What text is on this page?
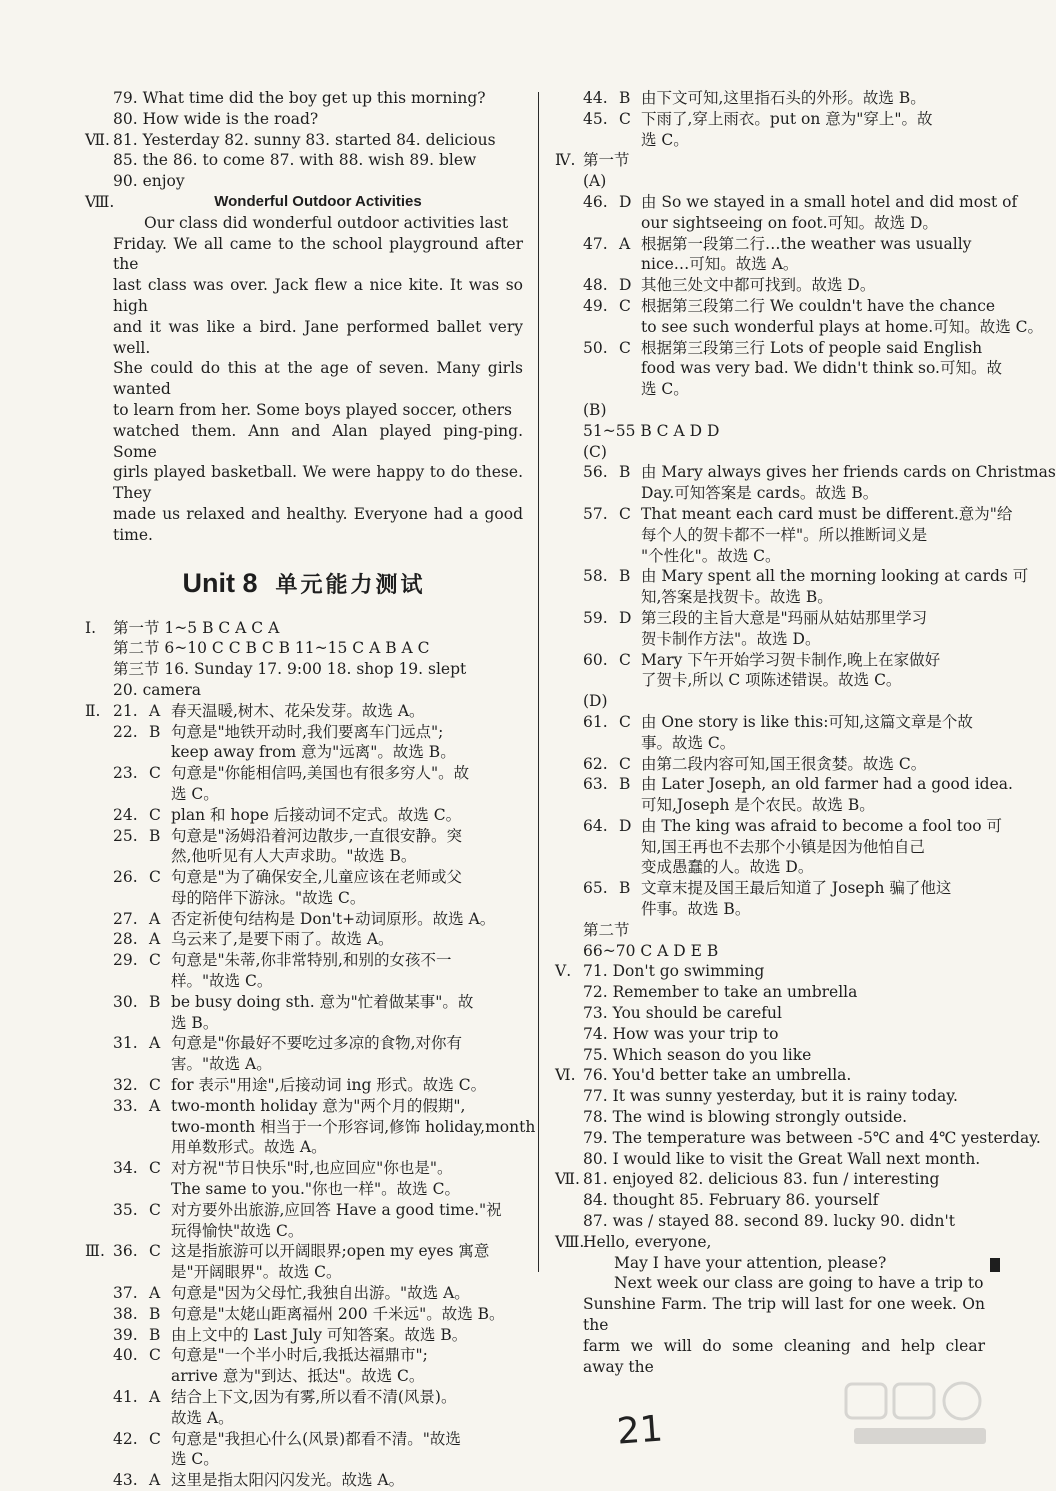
79. What time did the boy get up this morning?
80. How wide is the road?
Ⅶ. 81. Yesterday 82. sunny 83. started 84. delicious
85. the 86. to come 87. with 88. wish 89. blew
90. enjoy
Ⅷ.	Wonderful Outdoor Activities

Our class did wonderful outdoor activities last

Friday. We all came to the school playground after the

last class was over. Jack flew a nice kite. It was so high

and it was like a bird. Jane performed ballet very well.

She could do this at the age of seven. Many girls wanted

to learn from her. Some boys played soccer, others

watched them. Ann and Alan played ping-ping. Some

girls played basketball. We were happy to do these. They

made us relaxed and healthy. Everyone had a good time.

Unit 8 单元能力测试
Ⅰ.	第一节 1~5 B C A C A
第二节 6~10 C C B C B 11~15 C A B A C
第三节 16. Sunday 17. 9:00 18. shop 19. slept
20. camera
Ⅱ. 21. A 春天温暖,树木、花朵发芽。故选 A。
22. B 句意是"地铁开动时,我们要离车门远点";
keep away from 意为"远离"。故选 B。
23. C 句意是"你能相信吗,美国也有很多穷人"。故
选 C。
24. C plan 和 hope 后接动词不定式。故选 C。
25. B 句意是"汤姆沿着河边散步,一直很安静。突
然,他听见有人大声求助。"故选 B。
26. C 句意是"为了确保安全,儿童应该在老师或父
母的陪伴下游泳。"故选 C。
27. A 否定祈使句结构是 Don't+动词原形。故选 A。
28. A 乌云来了,是要下雨了。故选 A。
29. C 句意是"朱蒂,你非常特别,和别的女孩不一
样。"故选 C。
30. B be busy doing sth. 意为"忙着做某事"。故
选 B。
31. A 句意是"你最好不要吃过多凉的食物,对你有
害。"故选 A。
32. C for 表示"用途",后接动词 ing 形式。故选 C。
33. A two-month holiday 意为"两个月的假期",
two-month 相当于一个形容词,修饰 holiday,month
用单数形式。故选 A。
34. C 对方祝"节日快乐"时,也应回应"你也是"。
The same to you."你也一样"。故选 C。
35. C 对方要外出旅游,应回答 Have a good time."祝
玩得愉快"故选 C。
Ⅲ. 36. C 这是指旅游可以开阔眼界;open my eyes 寓意
是"开阔眼界"。故选 C。
37. A 句意是"因为父母忙,我独自出游。"故选 A。
38. B 句意是"太姥山距离福州 200 千米远"。故选 B。
39. B 由上文中的 Last July 可知答案。故选 B。
40. C 句意是"一个半小时后,我抵达福鼎市";
arrive 意为"到达、抵达"。故选 C。
41. A 结合上下文,因为有雾,所以看不清(风景)。
故选 A。
42. C 句意是"我担心什么(风景)都看不清。"故选
选 C。
43. A 这里是指太阳闪闪发光。故选 A。
44. B 由下文可知,这里指石头的外形。故选 B。
45. C 下雨了,穿上雨衣。put on 意为"穿上"。故
选 C。
Ⅳ. 第一节
(A)
46. D 由 So we stayed in a small hotel and did most of
our sightseeing on foot.可知。故选 D。
47. A 根据第一段第二行…the weather was usually
nice…可知。故选 A。
48. D 其他三处文中都可找到。故选 D。
49. C 根据第三段第二行 We couldn't have the chance
to see such wonderful plays at home.可知。故选 C。
50. C 根据第三段第三行 Lots of people said English
food was very bad. We didn't think so.可知。故
选 C。
(B)
51~55 B C A D D
(C)
56. B 由 Mary always gives her friends cards on Christmas
Day.可知答案是 cards。故选 B。
57. C That meant each card must be different.意为"给
每个人的贺卡都不一样"。所以推断词义是
"个性化"。故选 C。
58. B 由 Mary spent all the morning looking at cards 可
知,答案是找贺卡。故选 B。
59. D 第三段的主旨大意是"玛丽从姑姑那里学习
贺卡制作方法"。故选 D。
60. C Mary 下午开始学习贺卡制作,晚上在家做好
了贺卡,所以 C 项陈述错误。故选 C。
(D)
61. C 由 One story is like this:可知,这篇文章是个故
事。故选 C。
62. C 由第二段内容可知,国王很贪婪。故选 C。
63. B 由 Later Joseph, an old farmer had a good idea.
可知,Joseph 是个农民。故选 B。
64. D 由 The king was afraid to become a fool too 可
知,国王再也不去那个小镇是因为他怕自己
变成愚蠢的人。故选 D。
65. B 文章末提及国王最后知道了 Joseph 骗了他这
件事。故选 B。
第二节
66~70 C A D E B
Ⅴ. 71. Don't go swimming
72. Remember to take an umbrella
73. You should be careful
74. How was your trip to
75. Which season do you like
Ⅵ. 76. You'd better take an umbrella.
77. It was sunny yesterday, but it is rainy today.
78. The wind is blowing strongly outside.
79. The temperature was between -5℃ and 4℃ yesterday.
80. I would like to visit the Great Wall next month.
Ⅶ. 81. enjoyed 82. delicious 83. fun / interesting
84. thought 85. February 86. yourself
87. was / stayed 88. second 89. lucky 90. didn't
Ⅷ.
Hello, everyone,

May I have your attention, please?

Next week our class are going to have a trip to

Sunshine Farm. The trip will last for one week. On the

farm we will do some cleaning and help clear away the

21
